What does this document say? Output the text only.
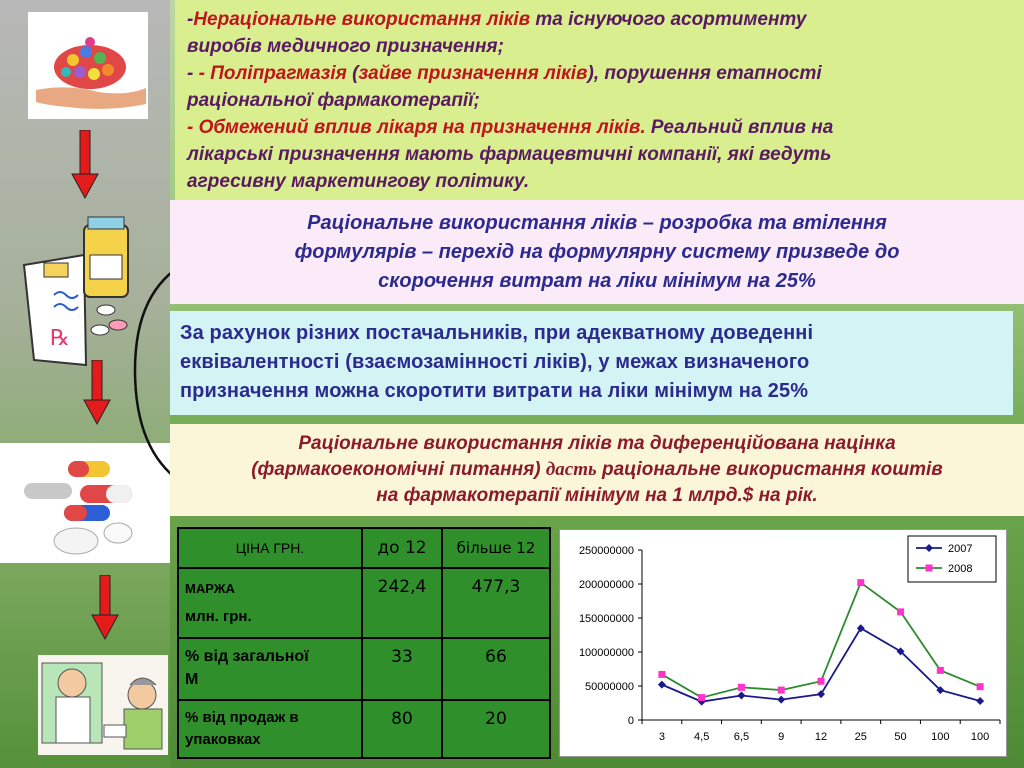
℞
-Нераціональне використання ліків та існуючого асортименту
виробів медичного призначення;
- - Поліпрагмазія (зайве призначення ліків), порушення етапності
раціональної фармакотерапії;
- Обмежений вплив лікаря на призначення ліків. Реальний вплив на
лікарські призначення мають фармацевтичні компанії, які ведуть
агресивну маркетингову політику.
Раціональне використання ліків – розробка та втілення
формулярів – перехід на формулярну систему призведе до
скорочення витрат на ліки мінімум на 25%
За рахунок різних постачальників, при адекватному доведенні
еквівалентності (взаємозамінності ліків), у межах визначеного
призначення можна скоротити витрати на ліки мінімум на 25%
Раціональне використання ліків та диференційована націнка
(фармакоекономічні питання) дасть раціональне використання коштів
на фармакотерапії мінімум на 1 млрд.$ на рік.
ЦІНА ГРН.	до 12	більше 12

МАРЖА
млн. грн.	242,4	477,3

% від загальної
М	33	66

% від продаж в
упаковках	80	20
250000000
200000000
150000000
100000000
50000000
0
3	4,5 6,5	9	12	25	50 100 100
2007
2008
